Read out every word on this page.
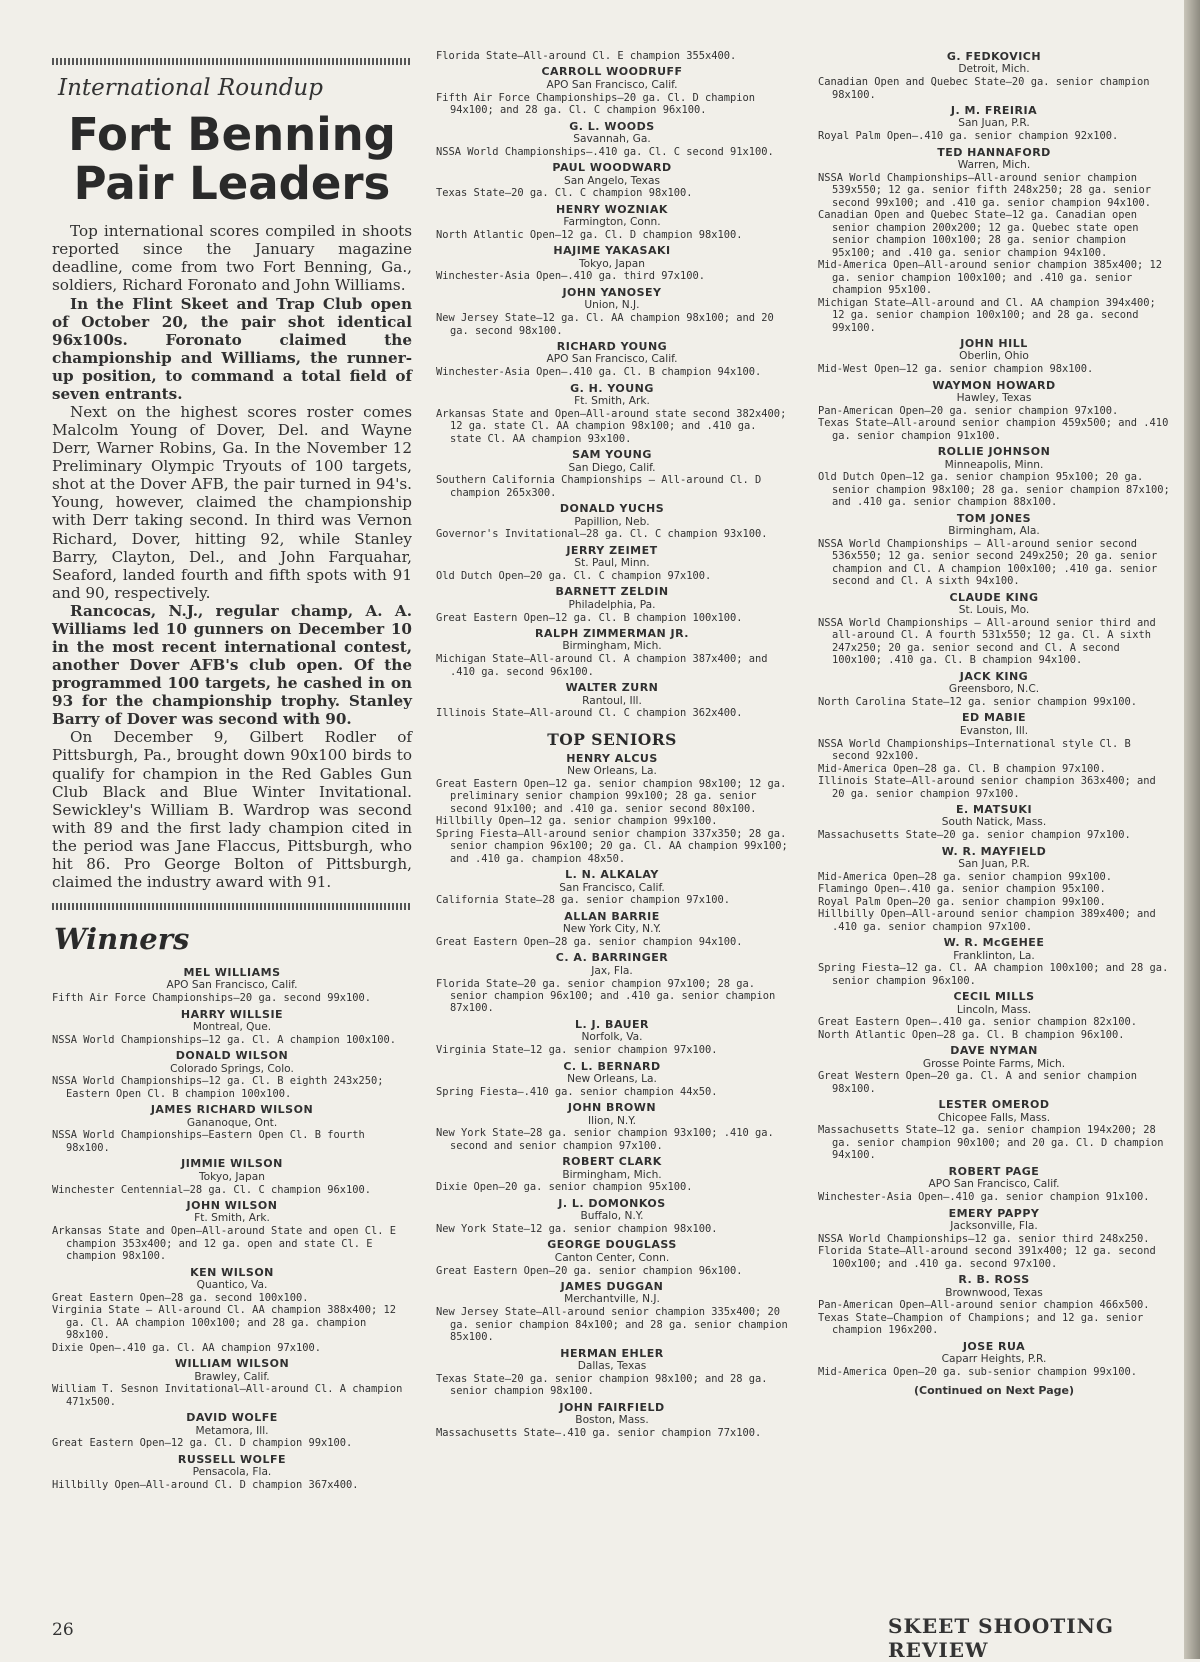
International Roundup
Fort Benning Pair Leaders

Top international scores compiled in shoots reported since the January magazine deadline, come from two Fort Benning, Ga., soldiers, Richard Foronato and John Williams.

In the Flint Skeet and Trap Club open of October 20, the pair shot identical 96x100s. Foronato claimed the championship and Williams, the runner-up position, to command a total field of seven entrants.

Next on the highest scores roster comes Malcolm Young of Dover, Del. and Wayne Derr, Warner Robins, Ga. In the November 12 Preliminary Olympic Tryouts of 100 targets, shot at the Dover AFB, the pair turned in 94's. Young, however, claimed the championship with Derr taking second. In third was Vernon Richard, Dover, hitting 92, while Stanley Barry, Clayton, Del., and John Farquahar, Seaford, landed fourth and fifth spots with 91 and 90, respectively.

Rancocas, N.J., regular champ, A. A. Williams led 10 gunners on December 10 in the most recent international contest, another Dover AFB's club open. Of the programmed 100 targets, he cashed in on 93 for the championship trophy. Stanley Barry of Dover was second with 90.

On December 9, Gilbert Rodler of Pittsburgh, Pa., brought down 90x100 birds to qualify for champion in the Red Gables Gun Club Black and Blue Winter Invitational. Sewickley's William B. Wardrop was second with 89 and the first lady champion cited in the period was Jane Flaccus, Pittsburgh, who hit 86. Pro George Bolton of Pittsburgh, claimed the industry award with 91.

Winners
MEL WILLIAMS
APO San Francisco, Calif.
Fifth Air Force Championships—20 ga. second 99x100.
HARRY WILLSIE
Montreal, Que.
NSSA World Championships—12 ga. Cl. A champion 100x100.
DONALD WILSON
Colorado Springs, Colo.
NSSA World Championships—12 ga. Cl. B eighth 243x250; Eastern Open Cl. B champion 100x100.
JAMES RICHARD WILSON
Gananoque, Ont.
NSSA World Championships—Eastern Open Cl. B fourth 98x100.
JIMMIE WILSON
Tokyo, Japan
Winchester Centennial—28 ga. Cl. C champion 96x100.
JOHN WILSON
Ft. Smith, Ark.
Arkansas State and Open—All-around State and open Cl. E champion 353x400; and 12 ga. open and state Cl. E champion 98x100.
KEN WILSON
Quantico, Va.
Great Eastern Open—28 ga. second 100x100.
Virginia State — All-around Cl. AA champion 388x400; 12 ga. Cl. AA champion 100x100; and 28 ga. champion 98x100.
Dixie Open—.410 ga. Cl. AA champion 97x100.
WILLIAM WILSON
Brawley, Calif.
William T. Sesnon Invitational—All-around Cl. A champion 471x500.
DAVID WOLFE
Metamora, Ill.
Great Eastern Open—12 ga. Cl. D champion 99x100.
RUSSELL WOLFE
Pensacola, Fla.
Hillbilly Open—All-around Cl. D champion 367x400.
Florida State—All-around Cl. E champion 355x400.
CARROLL WOODRUFF
APO San Francisco, Calif.
Fifth Air Force Championships—20 ga. Cl. D champion 94x100; and 28 ga. Cl. C champion 96x100.
G. L. WOODS
Savannah, Ga.
NSSA World Championships—.410 ga. Cl. C second 91x100.
PAUL WOODWARD
San Angelo, Texas
Texas State—20 ga. Cl. C champion 98x100.
HENRY WOZNIAK
Farmington, Conn.
North Atlantic Open—12 ga. Cl. D champion 98x100.
HAJIME YAKASAKI
Tokyo, Japan
Winchester-Asia Open—.410 ga. third 97x100.
JOHN YANOSEY
Union, N.J.
New Jersey State—12 ga. Cl. AA champion 98x100; and 20 ga. second 98x100.
RICHARD YOUNG
APO San Francisco, Calif.
Winchester-Asia Open—.410 ga. Cl. B champion 94x100.
G. H. YOUNG
Ft. Smith, Ark.
Arkansas State and Open—All-around state second 382x400; 12 ga. state Cl. AA champion 98x100; and .410 ga. state Cl. AA champion 93x100.
SAM YOUNG
San Diego, Calif.
Southern California Championships — All-around Cl. D champion 265x300.
DONALD YUCHS
Papillion, Neb.
Governor's Invitational—28 ga. Cl. C champion 93x100.
JERRY ZEIMET
St. Paul, Minn.
Old Dutch Open—20 ga. Cl. C champion 97x100.
BARNETT ZELDIN
Philadelphia, Pa.
Great Eastern Open—12 ga. Cl. B champion 100x100.
RALPH ZIMMERMAN JR.
Birmingham, Mich.
Michigan State—All-around Cl. A champion 387x400; and .410 ga. second 96x100.
WALTER ZURN
Rantoul, Ill.
Illinois State—All-around Cl. C champion 362x400.
TOP SENIORS
HENRY ALCUS
New Orleans, La.
Great Eastern Open—12 ga. senior champion 98x100; 12 ga. preliminary senior champion 99x100; 28 ga. senior second 91x100; and .410 ga. senior second 80x100.
Hillbilly Open—12 ga. senior champion 99x100.
Spring Fiesta—All-around senior champion 337x350; 28 ga. senior champion 96x100; 20 ga. Cl. AA champion 99x100; and .410 ga. champion 48x50.
L. N. ALKALAY
San Francisco, Calif.
California State—28 ga. senior champion 97x100.
ALLAN BARRIE
New York City, N.Y.
Great Eastern Open—28 ga. senior champion 94x100.
C. A. BARRINGER
Jax, Fla.
Florida State—20 ga. senior champion 97x100; 28 ga. senior champion 96x100; and .410 ga. senior champion 87x100.
L. J. BAUER
Norfolk, Va.
Virginia State—12 ga. senior champion 97x100.
C. L. BERNARD
New Orleans, La.
Spring Fiesta—.410 ga. senior champion 44x50.
JOHN BROWN
Ilion, N.Y.
New York State—28 ga. senior champion 93x100; .410 ga. second and senior champion 97x100.
ROBERT CLARK
Birmingham, Mich.
Dixie Open—20 ga. senior champion 95x100.
J. L. DOMONKOS
Buffalo, N.Y.
New York State—12 ga. senior champion 98x100.
GEORGE DOUGLASS
Canton Center, Conn.
Great Eastern Open—20 ga. senior champion 96x100.
JAMES DUGGAN
Merchantville, N.J.
New Jersey State—All-around senior champion 335x400; 20 ga. senior champion 84x100; and 28 ga. senior champion 85x100.
HERMAN EHLER
Dallas, Texas
Texas State—20 ga. senior champion 98x100; and 28 ga. senior champion 98x100.
JOHN FAIRFIELD
Boston, Mass.
Massachusetts State—.410 ga. senior champion 77x100.
G. FEDKOVICH
Detroit, Mich.
Canadian Open and Quebec State—20 ga. senior champion 98x100.
J. M. FREIRIA
San Juan, P.R.
Royal Palm Open—.410 ga. senior champion 92x100.
TED HANNAFORD
Warren, Mich.
NSSA World Championships—All-around senior champion 539x550; 12 ga. senior fifth 248x250; 28 ga. senior second 99x100; and .410 ga. senior champion 94x100.
Canadian Open and Quebec State—12 ga. Canadian open senior champion 200x200; 12 ga. Quebec state open senior champion 100x100; 28 ga. senior champion 95x100; and .410 ga. senior champion 94x100.
Mid-America Open—All-around senior champion 385x400; 12 ga. senior champion 100x100; and .410 ga. senior champion 95x100.
Michigan State—All-around and Cl. AA champion 394x400; 12 ga. senior champion 100x100; and 28 ga. second 99x100.
JOHN HILL
Oberlin, Ohio
Mid-West Open—12 ga. senior champion 98x100.
WAYMON HOWARD
Hawley, Texas
Pan-American Open—20 ga. senior champion 97x100.
Texas State—All-around senior champion 459x500; and .410 ga. senior champion 91x100.
ROLLIE JOHNSON
Minneapolis, Minn.
Old Dutch Open—12 ga. senior champion 95x100; 20 ga. senior champion 98x100; 28 ga. senior champion 87x100; and .410 ga. senior champion 88x100.
TOM JONES
Birmingham, Ala.
NSSA World Championships — All-around senior second 536x550; 12 ga. senior second 249x250; 20 ga. senior champion and Cl. A champion 100x100; .410 ga. senior second and Cl. A sixth 94x100.
CLAUDE KING
St. Louis, Mo.
NSSA World Championships — All-around senior third and all-around Cl. A fourth 531x550; 12 ga. Cl. A sixth 247x250; 20 ga. senior second and Cl. A second 100x100; .410 ga. Cl. B champion 94x100.
JACK KING
Greensboro, N.C.
North Carolina State—12 ga. senior champion 99x100.
ED MABIE
Evanston, Ill.
NSSA World Championships—International style Cl. B second 92x100.
Mid-America Open—28 ga. Cl. B champion 97x100.
Illinois State—All-around senior champion 363x400; and 20 ga. senior champion 97x100.
E. MATSUKI
South Natick, Mass.
Massachusetts State—20 ga. senior champion 97x100.
W. R. MAYFIELD
San Juan, P.R.
Mid-America Open—28 ga. senior champion 99x100.
Flamingo Open—.410 ga. senior champion 95x100.
Royal Palm Open—20 ga. senior champion 99x100.
Hillbilly Open—All-around senior champion 389x400; and .410 ga. senior champion 97x100.
W. R. McGEHEE
Franklinton, La.
Spring Fiesta—12 ga. Cl. AA champion 100x100; and 28 ga. senior champion 96x100.
CECIL MILLS
Lincoln, Mass.
Great Eastern Open—.410 ga. senior champion 82x100.
North Atlantic Open—28 ga. Cl. B champion 96x100.
DAVE NYMAN
Grosse Pointe Farms, Mich.
Great Western Open—20 ga. Cl. A and senior champion 98x100.
LESTER OMEROD
Chicopee Falls, Mass.
Massachusetts State—12 ga. senior champion 194x200; 28 ga. senior champion 90x100; and 20 ga. Cl. D champion 94x100.
ROBERT PAGE
APO San Francisco, Calif.
Winchester-Asia Open—.410 ga. senior champion 91x100.
EMERY PAPPY
Jacksonville, Fla.
NSSA World Championships—12 ga. senior third 248x250.
Florida State—All-around second 391x400; 12 ga. second 100x100; and .410 ga. second 97x100.
R. B. ROSS
Brownwood, Texas
Pan-American Open—All-around senior champion 466x500.
Texas State—Champion of Champions; and 12 ga. senior champion 196x200.
JOSE RUA
Caparr Heights, P.R.
Mid-America Open—20 ga. sub-senior champion 99x100.
(Continued on Next Page)
26	SKEET SHOOTING REVIEW
